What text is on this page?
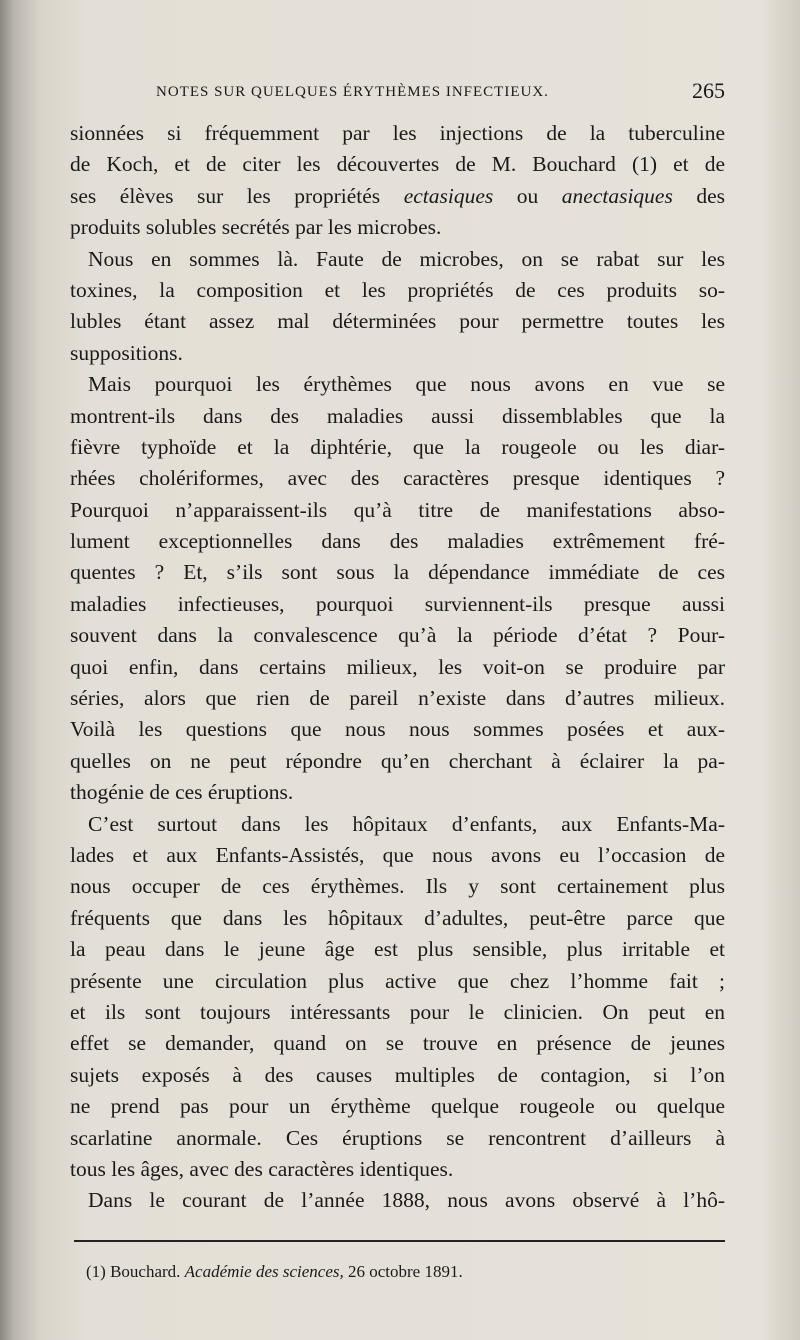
NOTES SUR QUELQUES ÉRYTHÈMES INFECTIEUX.	265
sionnées si fréquemment par les injections de la tuberculine
de Koch, et de citer les découvertes de M. Bouchard (1) et de
ses élèves sur les propriétés ectasiques ou anectasiques des
produits solubles secrétés par les microbes.
Nous en sommes là. Faute de microbes, on se rabat sur les
toxines, la composition et les propriétés de ces produits so-
lubles étant assez mal déterminées pour permettre toutes les
suppositions.
Mais pourquoi les érythèmes que nous avons en vue se
montrent-ils dans des maladies aussi dissemblables que la
fièvre typhoïde et la diphtérie, que la rougeole ou les diar-
rhées cholériformes, avec des caractères presque identiques ?
Pourquoi n’apparaissent-ils qu’à titre de manifestations abso-
lument exceptionnelles dans des maladies extrêmement fré-
quentes ? Et, s’ils sont sous la dépendance immédiate de ces
maladies infectieuses, pourquoi surviennent-ils presque aussi
souvent dans la convalescence qu’à la période d’état ? Pour-
quoi enfin, dans certains milieux, les voit-on se produire par
séries, alors que rien de pareil n’existe dans d’autres milieux.
Voilà les questions que nous nous sommes posées et aux-
quelles on ne peut répondre qu’en cherchant à éclairer la pa-
thogénie de ces éruptions.
C’est surtout dans les hôpitaux d’enfants, aux Enfants-Ma-
lades et aux Enfants-Assistés, que nous avons eu l’occasion de
nous occuper de ces érythèmes. Ils y sont certainement plus
fréquents que dans les hôpitaux d’adultes, peut-être parce que
la peau dans le jeune âge est plus sensible, plus irritable et
présente une circulation plus active que chez l’homme fait ;
et ils sont toujours intéressants pour le clinicien. On peut en
effet se demander, quand on se trouve en présence de jeunes
sujets exposés à des causes multiples de contagion, si l’on
ne prend pas pour un érythème quelque rougeole ou quelque
scarlatine anormale. Ces éruptions se rencontrent d’ailleurs à
tous les âges, avec des caractères identiques.
Dans le courant de l’année 1888, nous avons observé à l’hô-
(1) Bouchard. Académie des sciences, 26 octobre 1891.
